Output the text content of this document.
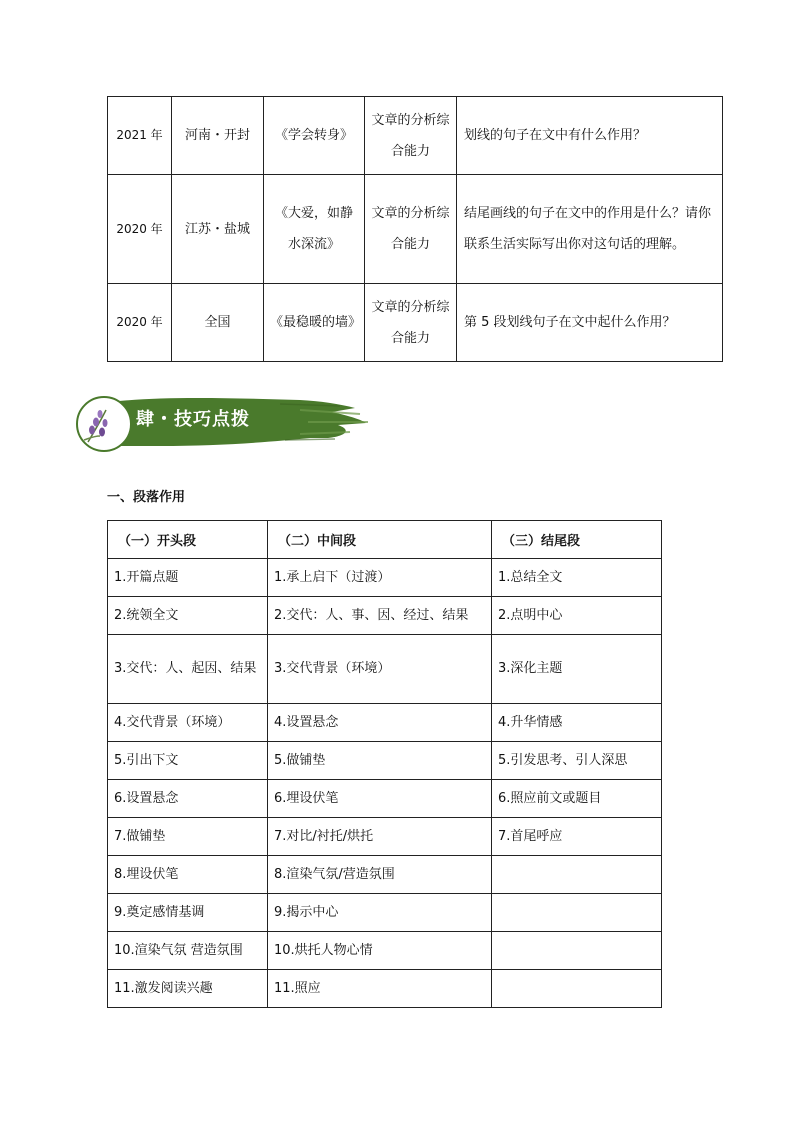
2021 年	河南・开封	《学会转身》	文章的分析综合能力	划线的句子在文中有什么作用？
2020 年	江苏・盐城	《大爱，如静水深流》	文章的分析综合能力	结尾画线的句子在文中的作用是什么？请你联系生活实际写出你对这句话的理解。
2020 年	全国	《最稳暖的墙》	文章的分析综合能力	第 5 段划线句子在文中起什么作用？
肆・技巧点拨
一、段落作用
（一）开头段	（二）中间段	（三）结尾段
1.开篇点题	1.承上启下（过渡）	1.总结全文
2.统领全文	2.交代：人、事、因、经过、结果	2.点明中心
3.交代：人、起因、结果	3.交代背景（环境）	3.深化主题
4.交代背景（环境）	4.设置悬念	4.升华情感
5.引出下文	5.做铺垫	5.引发思考、引人深思
6.设置悬念	6.埋设伏笔	6.照应前文或题目
7.做铺垫	7.对比/衬托/烘托	7.首尾呼应
8.埋设伏笔	8.渲染气氛/营造氛围	
9.奠定感情基调	9.揭示中心	
10.渲染气氛 营造氛围	10.烘托人物心情	
11.激发阅读兴趣	11.照应	
